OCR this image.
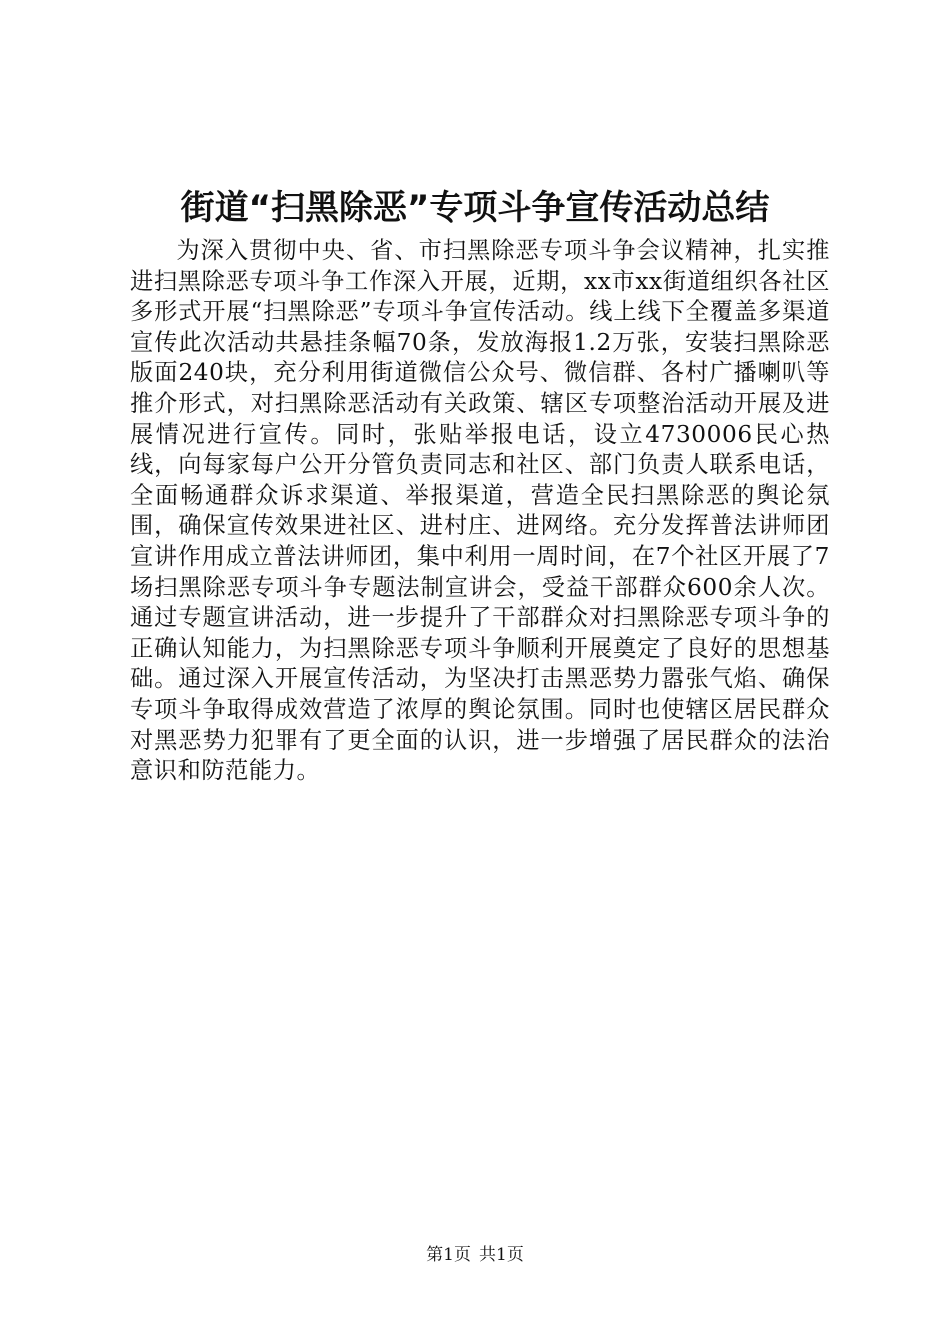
街道“扫黑除恶”专项斗争宣传活动总结

为深入贯彻中央、省、市扫黑除恶专项斗争会议精神，扎实推进扫黑除恶专项斗争工作深入开展，近期，xx市xx街道组织各社区多形式开展“扫黑除恶”专项斗争宣传活动。线上线下全覆盖多渠道宣传此次活动共悬挂条幅70条，发放海报1.2万张，安装扫黑除恶版面240块，充分利用街道微信公众号、微信群、各村广播喇叭等推介形式，对扫黑除恶活动有关政策、辖区专项整治活动开展及进展情况进行宣传。同时，张贴举报电话，设立4730006民心热线，向每家每户公开分管负责同志和社区、部门负责人联系电话，全面畅通群众诉求渠道、举报渠道，营造全民扫黑除恶的舆论氛围，确保宣传效果进社区、进村庄、进网络。充分发挥普法讲师团宣讲作用成立普法讲师团，集中利用一周时间，在7个社区开展了7场扫黑除恶专项斗争专题法制宣讲会，受益干部群众600余人次。通过专题宣讲活动，进一步提升了干部群众对扫黑除恶专项斗争的正确认知能力，为扫黑除恶专项斗争顺利开展奠定了良好的思想基础。通过深入开展宣传活动，为坚决打击黑恶势力嚣张气焰、确保专项斗争取得成效营造了浓厚的舆论氛围。同时也使辖区居民群众对黑恶势力犯罪有了更全面的认识，进一步增强了居民群众的法治意识和防范能力。

第1页 共1页
